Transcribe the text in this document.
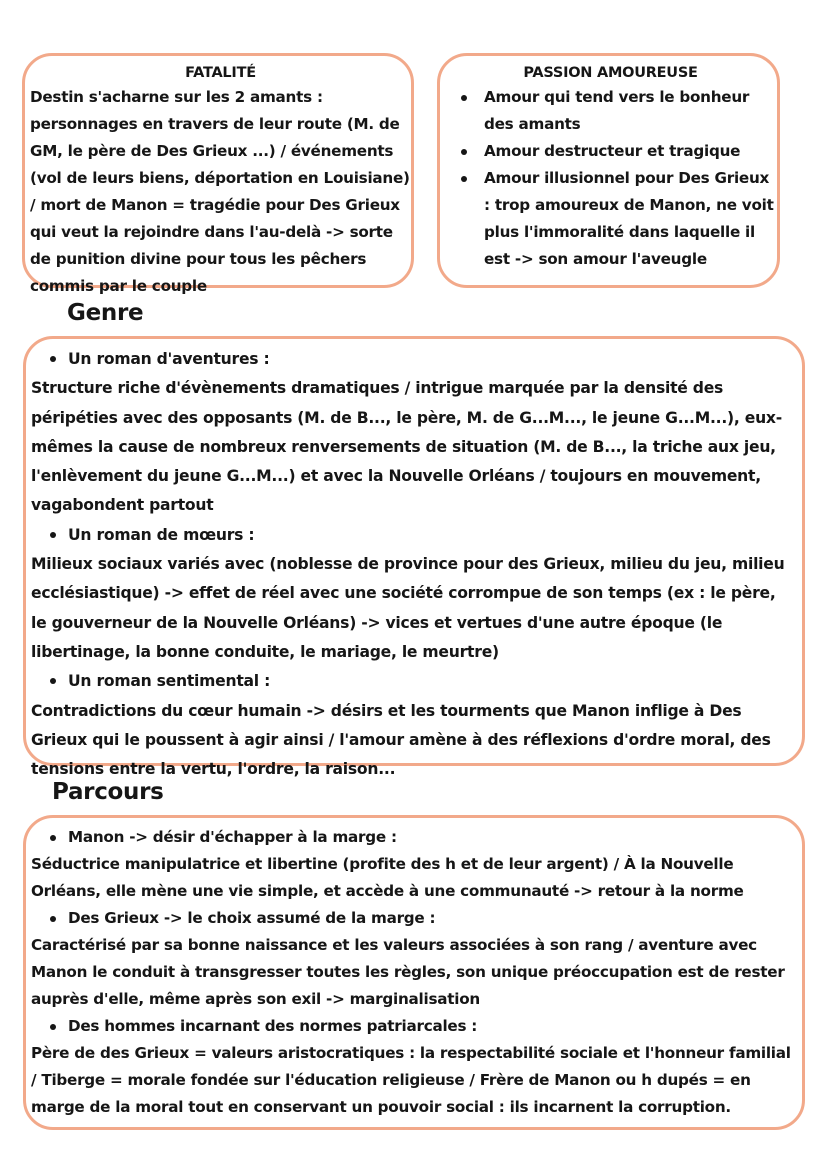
FATALITÉ

Destin s'acharne sur les 2 amants : personnages en travers de leur route (M. de GM, le père de Des Grieux ...) / événements (vol de leurs biens, déportation en Louisiane) / mort de Manon = tragédie pour Des Grieux qui veut la rejoindre dans l'au-delà -> sorte de punition divine pour tous les pêchers commis par le couple

PASSION AMOUREUSE
Amour qui tend vers le bonheur des amants
Amour destructeur et tragique
Amour illusionnel pour Des Grieux : trop amoureux de Manon, ne voit plus l'immoralité dans laquelle il est -> son amour l'aveugle
Genre
Un roman d'aventures :

Structure riche d'évènements dramatiques / intrigue marquée par la densité des péripéties avec des opposants (M. de B..., le père, M. de G...M..., le jeune G...M...), eux-mêmes la cause de nombreux renversements de situation (M. de B..., la triche aux jeu, l'enlèvement du jeune G...M...) et avec la Nouvelle Orléans / toujours en mouvement, vagabondent partout

Un roman de mœurs :

Milieux sociaux variés avec (noblesse de province pour des Grieux, milieu du jeu, milieu ecclésiastique) -> effet de réel avec une société corrompue de son temps (ex : le père, le gouverneur de la Nouvelle Orléans) -> vices et vertues d'une autre époque (le libertinage, la bonne conduite, le mariage, le meurtre)

Un roman sentimental :

Contradictions du cœur humain -> désirs et les tourments que Manon inflige à Des Grieux qui le poussent à agir ainsi / l'amour amène à des réflexions d'ordre moral, des tensions entre la vertu, l'ordre, la raison...

Parcours
Manon -> désir d'échapper à la marge :

Séductrice manipulatrice et libertine (profite des h et de leur argent) / À la Nouvelle Orléans, elle mène une vie simple, et accède à une communauté -> retour à la norme

Des Grieux -> le choix assumé de la marge :

Caractérisé par sa bonne naissance et les valeurs associées à son rang / aventure avec Manon le conduit à transgresser toutes les règles, son unique préoccupation est de rester auprès d'elle, même après son exil -> marginalisation

Des hommes incarnant des normes patriarcales :

Père de des Grieux = valeurs aristocratiques : la respectabilité sociale et l'honneur familial / Tiberge = morale fondée sur l'éducation religieuse / Frère de Manon ou h dupés = en marge de la moral tout en conservant un pouvoir social : ils incarnent la corruption.
